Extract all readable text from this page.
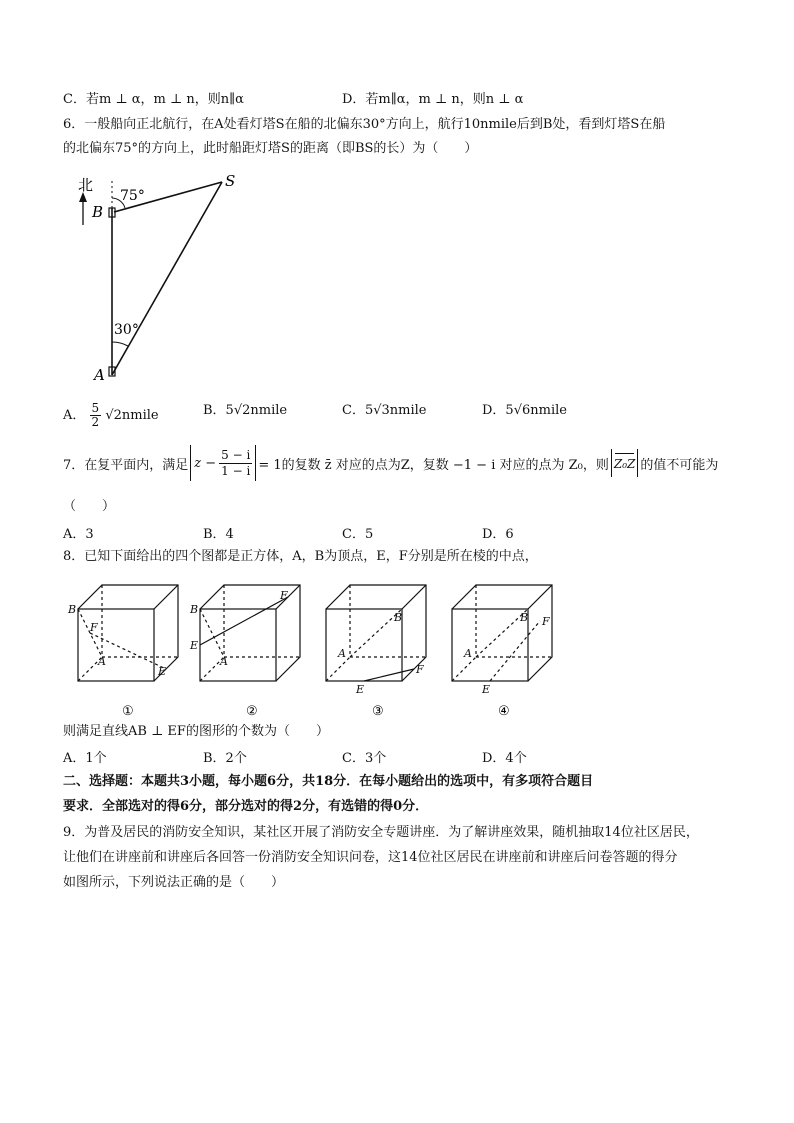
C．若m ⊥ α，m ⊥ n，则n∥α	D．若m∥α，m ⊥ n，则n ⊥ α
6．一般船向正北航行，在A处看灯塔S在船的北偏东30°方向上，航行10nmile后到B处，看到灯塔S在船
的北偏东75°的方向上，此时船距灯塔S的距离（即BS的长）为（　　）
北
B
A
S
75°
30°
A． $\frac{5}{2}$ √2nmile	B．5√2nmile	C．5√3nmile	D．5√6nmile
7．在复平面内，满足 $z - \frac{5 - i}{1 - i} = 1$的复数 z̄ 对应的点为Z，复数 −1 − i 对应的点为 Z₀，则 Z₀Z 的值不可能为
（　　）
A．3	B．4	C．5	D．6
8．已知下面给出的四个图都是正方体，A，B为顶点，E，F分别是所在棱的中点，
B
F
A
E
B
F
E
A
B
A
F
E
B
A
F
E
①	②	③	④
则满足直线AB ⊥ EF的图形的个数为（　　）
A．1个	B．2个	C．3个	D．4个
二、选择题：本题共3小题，每小题6分，共18分．在每小题给出的选项中，有多项符合题目
要求．全部选对的得6分，部分选对的得2分，有选错的得0分．
9．为普及居民的消防安全知识，某社区开展了消防安全专题讲座．为了解讲座效果，随机抽取14位社区居民，
让他们在讲座前和讲座后各回答一份消防安全知识问卷，这14位社区居民在讲座前和讲座后问卷答题的得分
如图所示，下列说法正确的是（　　）
